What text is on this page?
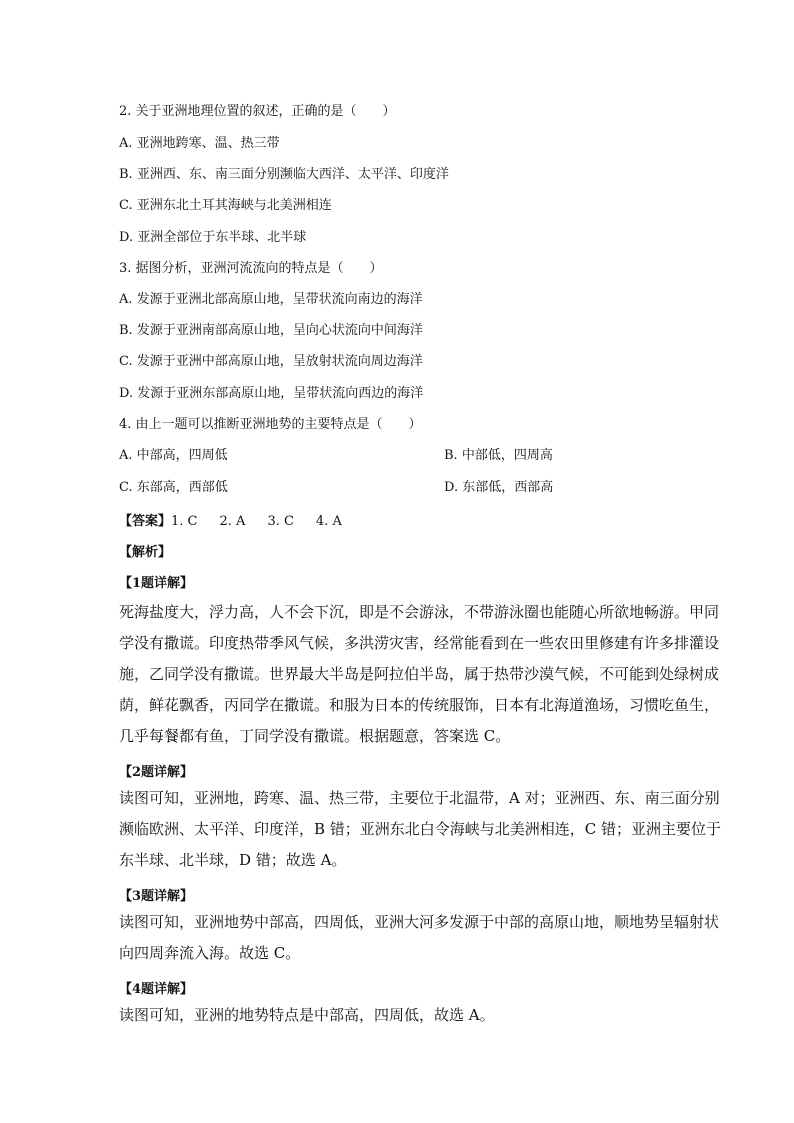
2. 关于亚洲地理位置的叙述，正确的是（　　）
A. 亚洲地跨寒、温、热三带
B. 亚洲西、东、南三面分别濒临大西洋、太平洋、印度洋
C. 亚洲东北土耳其海峡与北美洲相连
D. 亚洲全部位于东半球、北半球
3. 据图分析，亚洲河流流向的特点是（　　）
A. 发源于亚洲北部高原山地，呈带状流向南边的海洋
B. 发源于亚洲南部高原山地，呈向心状流向中间海洋
C. 发源于亚洲中部高原山地，呈放射状流向周边海洋
D. 发源于亚洲东部高原山地，呈带状流向西边的海洋
4. 由上一题可以推断亚洲地势的主要特点是（　　）
A. 中部高，四周低	B. 中部低，四周高
C. 东部高，西部低	D. 东部低，西部高
【答案】1. C 2. A 3. C 4. A
【解析】
【1题详解】
死海盐度大，浮力高，人不会下沉，即是不会游泳，不带游泳圈也能随心所欲地畅游。甲同
学没有撒谎。印度热带季风气候，多洪涝灾害，经常能看到在一些农田里修建有许多排灌设
施，乙同学没有撒谎。世界最大半岛是阿拉伯半岛，属于热带沙漠气候，不可能到处绿树成
荫，鲜花飘香，丙同学在撒谎。和服为日本的传统服饰，日本有北海道渔场，习惯吃鱼生，
几乎每餐都有鱼，丁同学没有撒谎。根据题意，答案选 C。
【2题详解】
读图可知，亚洲地，跨寒、温、热三带，主要位于北温带，A 对；亚洲西、东、南三面分别
濒临欧洲、太平洋、印度洋，B 错；亚洲东北白令海峡与北美洲相连，C 错；亚洲主要位于
东半球、北半球，D 错；故选 A。
【3题详解】
读图可知，亚洲地势中部高，四周低，亚洲大河多发源于中部的高原山地，顺地势呈辐射状
向四周奔流入海。故选 C。
【4题详解】
读图可知，亚洲的地势特点是中部高，四周低，故选 A。
